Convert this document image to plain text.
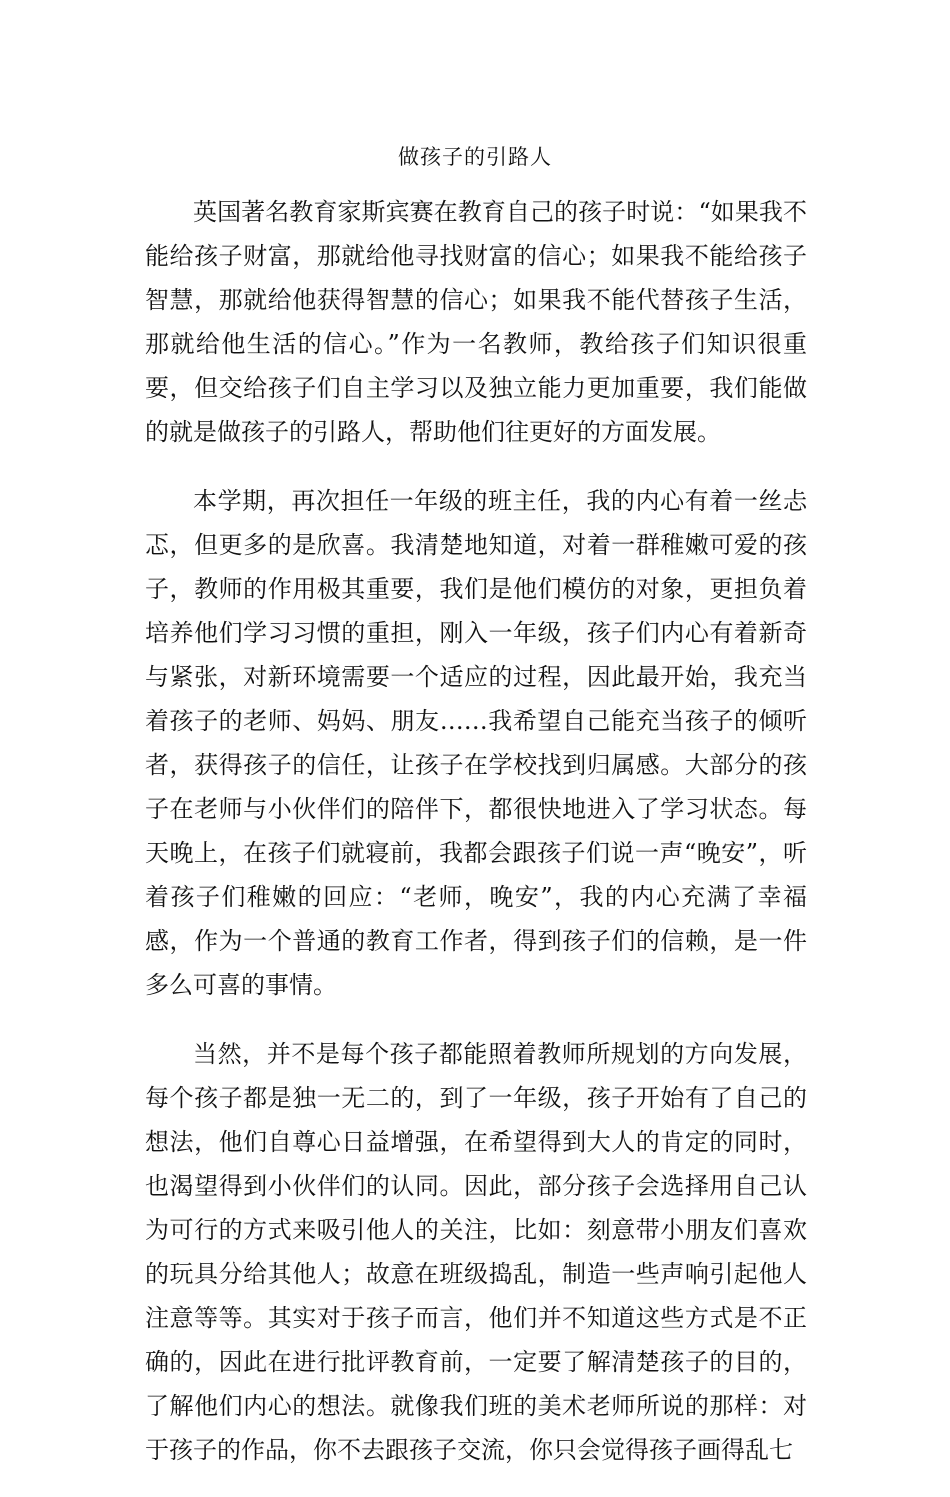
做孩子的引路人

英国著名教育家斯宾赛在教育自己的孩子时说：“如果我不能给孩子财富，那就给他寻找财富的信心；如果我不能给孩子智慧，那就给他获得智慧的信心；如果我不能代替孩子生活，那就给他生活的信心。”作为一名教师，教给孩子们知识很重要，但交给孩子们自主学习以及独立能力更加重要，我们能做的就是做孩子的引路人，帮助他们往更好的方面发展。

本学期，再次担任一年级的班主任，我的内心有着一丝忐忑，但更多的是欣喜。我清楚地知道，对着一群稚嫩可爱的孩子，教师的作用极其重要，我们是他们模仿的对象，更担负着培养他们学习习惯的重担，刚入一年级，孩子们内心有着新奇与紧张，对新环境需要一个适应的过程，因此最开始，我充当着孩子的老师、妈妈、朋友……我希望自己能充当孩子的倾听者，获得孩子的信任，让孩子在学校找到归属感。大部分的孩子在老师与小伙伴们的陪伴下，都很快地进入了学习状态。每天晚上，在孩子们就寝前，我都会跟孩子们说一声“晚安”，听着孩子们稚嫩的回应：“老师，晚安”，我的内心充满了幸福感，作为一个普通的教育工作者，得到孩子们的信赖，是一件多么可喜的事情。

当然，并不是每个孩子都能照着教师所规划的方向发展，每个孩子都是独一无二的，到了一年级，孩子开始有了自己的想法，他们自尊心日益增强，在希望得到大人的肯定的同时，也渴望得到小伙伴们的认同。因此，部分孩子会选择用自己认为可行的方式来吸引他人的关注，比如：刻意带小朋友们喜欢的玩具分给其他人；故意在班级捣乱，制造一些声响引起他人注意等等。其实对于孩子而言，他们并不知道这些方式是不正确的，因此在进行批评教育前，一定要了解清楚孩子的目的，了解他们内心的想法。就像我们班的美术老师所说的那样：对于孩子的作品，你不去跟孩子交流，你只会觉得孩子画得乱七
